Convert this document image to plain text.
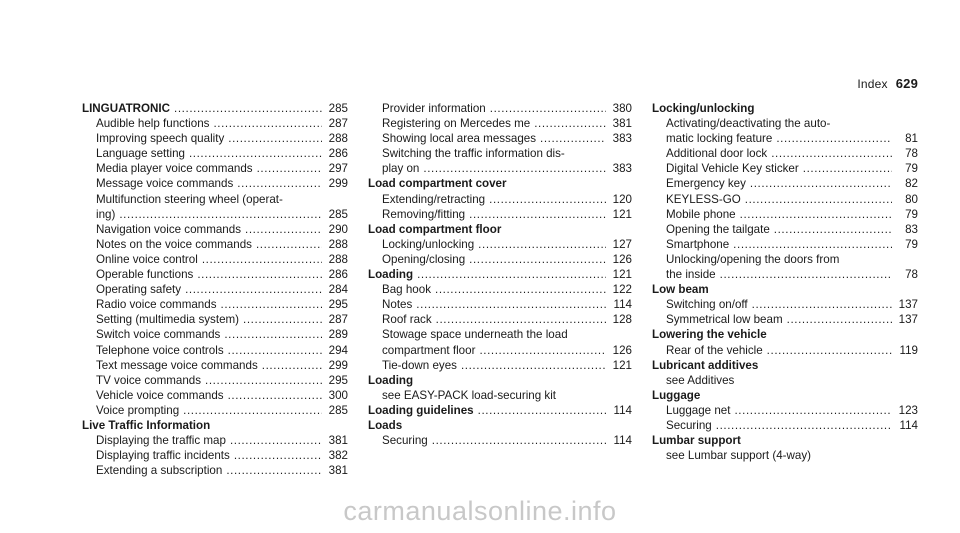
Index 629
LINGUATRONIC .....	285
Audible help functions .....	287
Improving speech quality .....	288
Language setting .....	286
Media player voice commands .....	297
Message voice commands .....	299
Multifunction steering wheel (operat-
ing) .....	285
Navigation voice commands .....	290
Notes on the voice commands .....	288
Online voice control .....	288
Operable functions .....	286
Operating safety .....	284
Radio voice commands .....	295
Setting (multimedia system) .....	287
Switch voice commands .....	289
Telephone voice controls .....	294
Text message voice commands .....	299
TV voice commands .....	295
Vehicle voice commands .....	300
Voice prompting .....	285
Live Traffic Information
Displaying the traffic map .....	381
Displaying traffic incidents .....	382
Extending a subscription .....	381
Provider information .....	380
Registering on Mercedes me .....	381
Showing local area messages .....	383
Switching the traffic information dis-
play on .....	383
Load compartment cover
Extending/retracting .....	120
Removing/fitting .....	121
Load compartment floor
Locking/unlocking .....	127
Opening/closing .....	126
Loading .....	121
Bag hook .....	122
Notes .....	114
Roof rack .....	128
Stowage space underneath the load
compartment floor .....	126
Tie-down eyes .....	121
Loading
see EASY-PACK load-securing kit
Loading guidelines .....	114
Loads
Securing .....	114
Locking/unlocking
Activating/deactivating the auto-
matic locking feature .....	81
Additional door lock .....	78
Digital Vehicle Key sticker .....	79
Emergency key .....	82
KEYLESS-GO .....	80
Mobile phone .....	79
Opening the tailgate .....	83
Smartphone .....	79
Unlocking/opening the doors from
the inside .....	78
Low beam
Switching on/off .....	137
Symmetrical low beam .....	137
Lowering the vehicle
Rear of the vehicle .....	119
Lubricant additives
see Additives
Luggage
Luggage net .....	123
Securing .....	114
Lumbar support
see Lumbar support (4-way)
carmanualsonline.info
